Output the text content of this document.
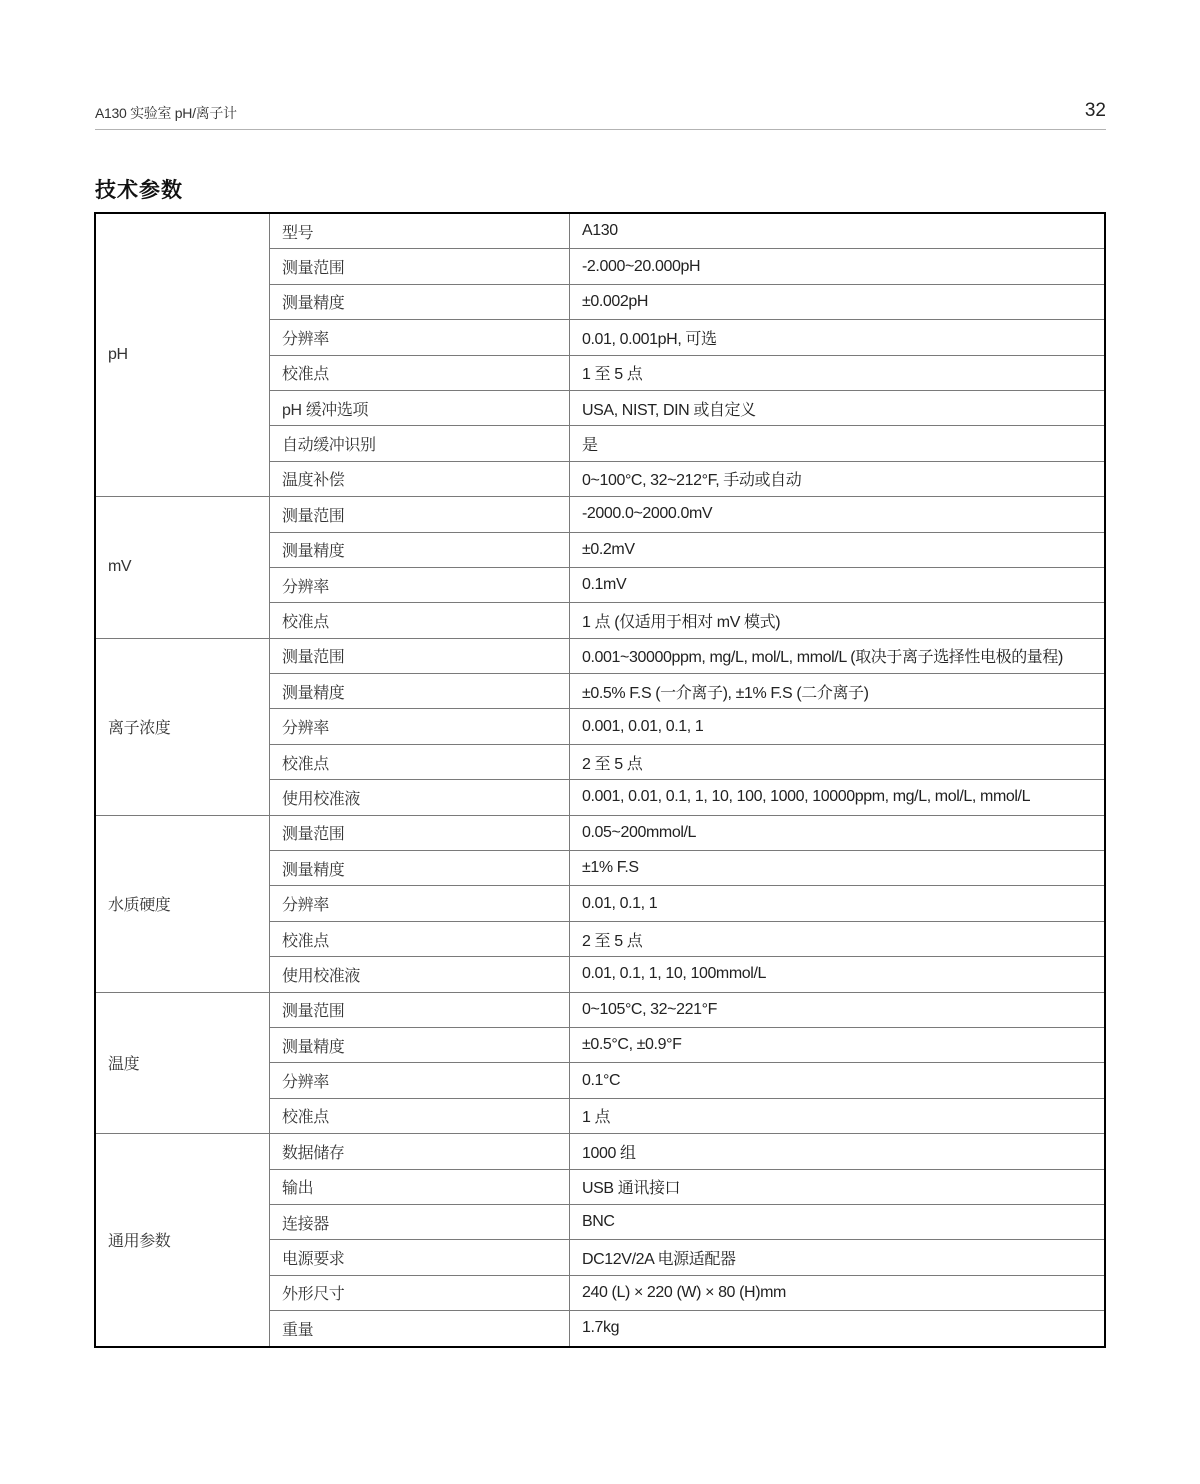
A130 实验室 pH/离子计	32
技术参数
pH	型号	A130
	测量范围	-2.000~20.000pH
	测量精度	±0.002pH
	分辨率	0.01, 0.001pH, 可选
	校准点	1 至 5 点
	pH 缓冲选项	USA, NIST, DIN 或自定义
	自动缓冲识别	是
	温度补偿	0~100°C, 32~212°F, 手动或自动
mV	测量范围	-2000.0~2000.0mV
	测量精度	±0.2mV
	分辨率	0.1mV
	校准点	1 点 (仅适用于相对 mV 模式)
离子浓度	测量范围	0.001~30000ppm, mg/L, mol/L, mmol/L (取决于离子选择性电极的量程)
	测量精度	±0.5% F.S (一介离子), ±1% F.S (二介离子)
	分辨率	0.001, 0.01, 0.1, 1
	校准点	2 至 5 点
	使用校准液	0.001, 0.01, 0.1, 1, 10, 100, 1000, 10000ppm, mg/L, mol/L, mmol/L
水质硬度	测量范围	0.05~200mmol/L
	测量精度	±1% F.S
	分辨率	0.01, 0.1, 1
	校准点	2 至 5 点
	使用校准液	0.01, 0.1, 1, 10, 100mmol/L
温度	测量范围	0~105°C, 32~221°F
	测量精度	±0.5°C, ±0.9°F
	分辨率	0.1°C
	校准点	1 点
通用参数	数据储存	1000 组
	输出	USB 通讯接口
	连接器	BNC
	电源要求	DC12V/2A 电源适配器
	外形尺寸	240 (L) × 220 (W) × 80 (H)mm
	重量	1.7kg
